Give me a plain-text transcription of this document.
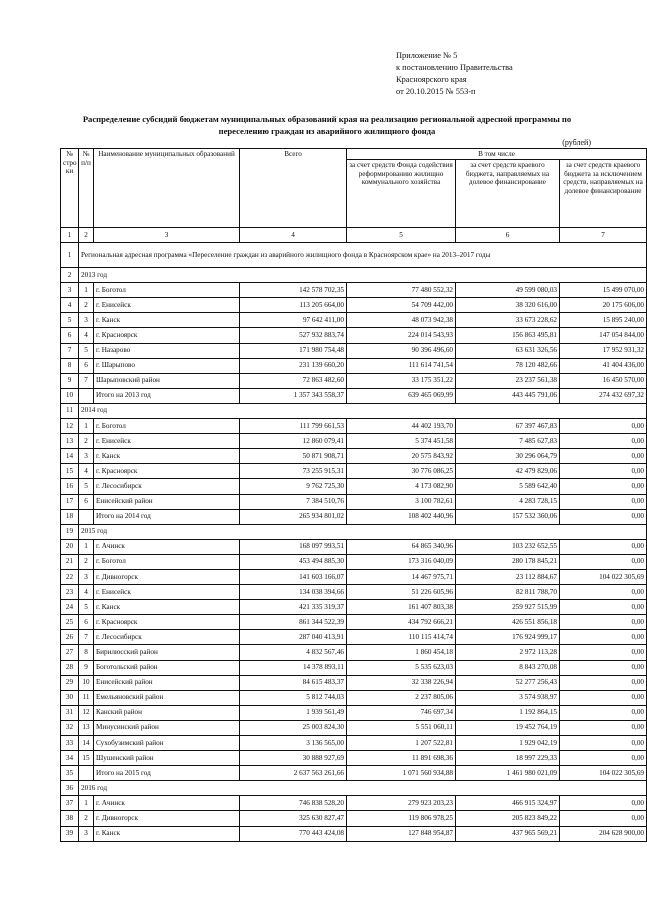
Приложение № 5
к постановлению Правительства
Красноярского края
от 20.10.2015 № 553-п
Распределение субсидий бюджетам муниципальных образований края на реализацию региональной адресной программы по
переселению граждан из аварийного жилищного фонда
(рублей)
№ стро ки	№ п/п	Наименование муниципальных образований	Всего	В том числе		
				за счет средств Фонда содействия реформированию жилищно коммунального хозяйства	за счет средств краевого бюджета, направляемых на долевое финансирование	за счет средств краевого бюджета за исключением средств, направляемых на долевое финансирование
1	2	3	4	5	6	7
1	Региональная адресная программа «Переселение граждан из аварийного жилищного фонда в Красноярском крае» на 2013–2017 годы					
2	2013 год					
3	1	г. Боготол	142 578 702,35	77 480 552,32	49 599 080,03	15 499 070,00
4	2	г. Енисейск	113 205 664,00	54 709 442,00	38 320 616,00	20 175 606,00
5	3	г. Канск	97 642 411,00	48 073 942,38	33 673 228,62	15 895 240,00
6	4	г. Красноярск	527 932 883,74	224 014 543,93	156 863 495,81	147 054 844,00
7	5	г. Назарово	171 980 754,48	90 396 496,60	63 631 326,56	17 952 931,32
8	6	г. Шарыпово	231 139 660,20	111 614 741,54	78 120 482,66	41 404 436,00
9	7	Шарыповский район	72 863 482,60	33 175 351,22	23 237 561,38	16 450 570,00
10		Итого на 2013 год	1 357 343 558,37	639 465 069,99	443 445 791,06	274 432 697,32
11	2014 год					
12	1	г. Боготол	111 799 661,53	44 402 193,70	67 397 467,83	0,00
13	2	г. Енисейск	12 860 079,41	5 374 451,58	7 485 627,83	0,00
14	3	г. Канск	50 871 908,71	20 575 843,92	30 296 064,79	0,00
15	4	г. Красноярск	73 255 915,31	30 776 086,25	42 479 829,06	0,00
16	5	г. Лесосибирск	9 762 725,30	4 173 082,90	5 589 642,40	0,00
17	6	Енисейский район	7 384 510,76	3 100 782,61	4 283 728,15	0,00
18		Итого на 2014 год	265 934 801,02	108 402 440,96	157 532 360,06	0,00
19	2015 год					
20	1	г. Ачинск	168 097 993,51	64 865 340,96	103 232 652,55	0,00
21	2	г. Боготол	453 494 885,30	173 316 040,09	280 178 845,21	0,00
22	3	г. Дивногорск	141 603 166,07	14 467 975,71	23 112 884,67	104 022 305,69
23	4	г. Енисейск	134 038 394,66	51 226 605,96	82 811 788,70	0,00
24	5	г. Канск	421 335 319,37	161 407 803,38	259 927 515,99	0,00
25	6	г. Красноярск	861 344 522,39	434 792 666,21	426 551 856,18	0,00
26	7	г. Лесосибирск	287 040 413,91	110 115 414,74	176 924 999,17	0,00
27	8	Бирилюсский район	4 832 567,46	1 860 454,18	2 972 113,28	0,00
28	9	Боготольский район	14 378 893,11	5 535 623,03	8 843 270,08	0,00
29	10	Енисейский район	84 615 483,37	32 338 226,94	52 277 256,43	0,00
30	11	Емельяновский район	5 812 744,03	2 237 805,06	3 574 938,97	0,00
31	12	Канский район	1 939 561,49	746 697,34	1 192 864,15	0,00
32	13	Минусинский район	25 003 824,30	5 551 060,11	19 452 764,19	0,00
33	14	Сухобузимский район	3 136 565,00	1 207 522,81	1 929 042,19	0,00
34	15	Шушенский район	30 888 927,69	11 891 698,36	18 997 229,33	0,00
35		Итого на 2015 год	2 637 563 261,66	1 071 560 934,88	1 461 980 021,09	104 022 305,69
36	2016 год					
37	1	г. Ачинск	746 838 528,20	279 923 203,23	466 915 324,97	0,00
38	2	г. Дивногорск	325 630 827,47	119 806 978,25	205 823 849,22	0,00
39	3	г. Канск	770 443 424,08	127 848 954,87	437 965 569,21	204 628 900,00
